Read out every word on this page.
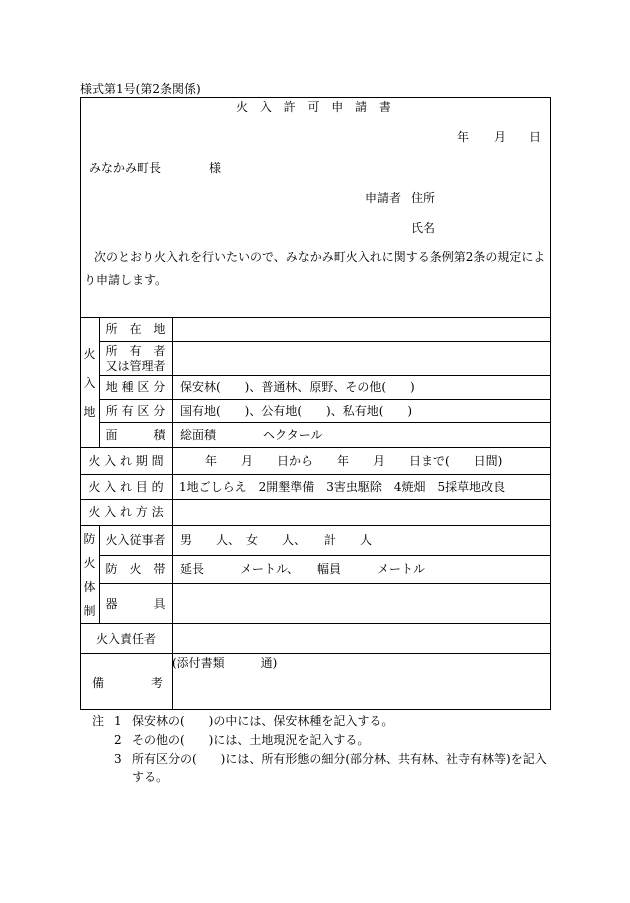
様式第1号(第2条関係)
火 入 許 可 申 請 書
年 月 日
みなかみ町長	様
申請者 住所
氏名
次のとおり火入れを行いたいので、みなかみ町火入れに関する条例第2条の規定によ
り申請します。
火
入
地
所　在　地
所　有　者
又は管理者
地 種 区 分	保安林(　　)、普通林、原野、その他(　　)
所 有 区 分	国有地(　　)、公有地(　　)、私有地(　　)
面　　　積	総面積	ヘクタール
火 入 れ 期 間	年　　月　　日から　　年　　月　　日まで(　　日間)
火 入 れ 目 的	1地ごしらえ　2開墾準備　3害虫駆除　4焼畑　5採草地改良
火 入 れ 方 法
防
火
体
制
火入従事者	男　　人、　女　　人、　　計　　人
防　火　帯	延長　　　メートル、　　幅員　　　メートル
器　　　具
火入責任者
備	考
(添付書類　　　通)
注 1 保安林の(　　)の中には、保安林種を記入する。
2 その他の(　　)には、土地現況を記入する。
3 所有区分の(　　)には、所有形態の細分(部分林、共有林、社寺有林等)を記入
する。
